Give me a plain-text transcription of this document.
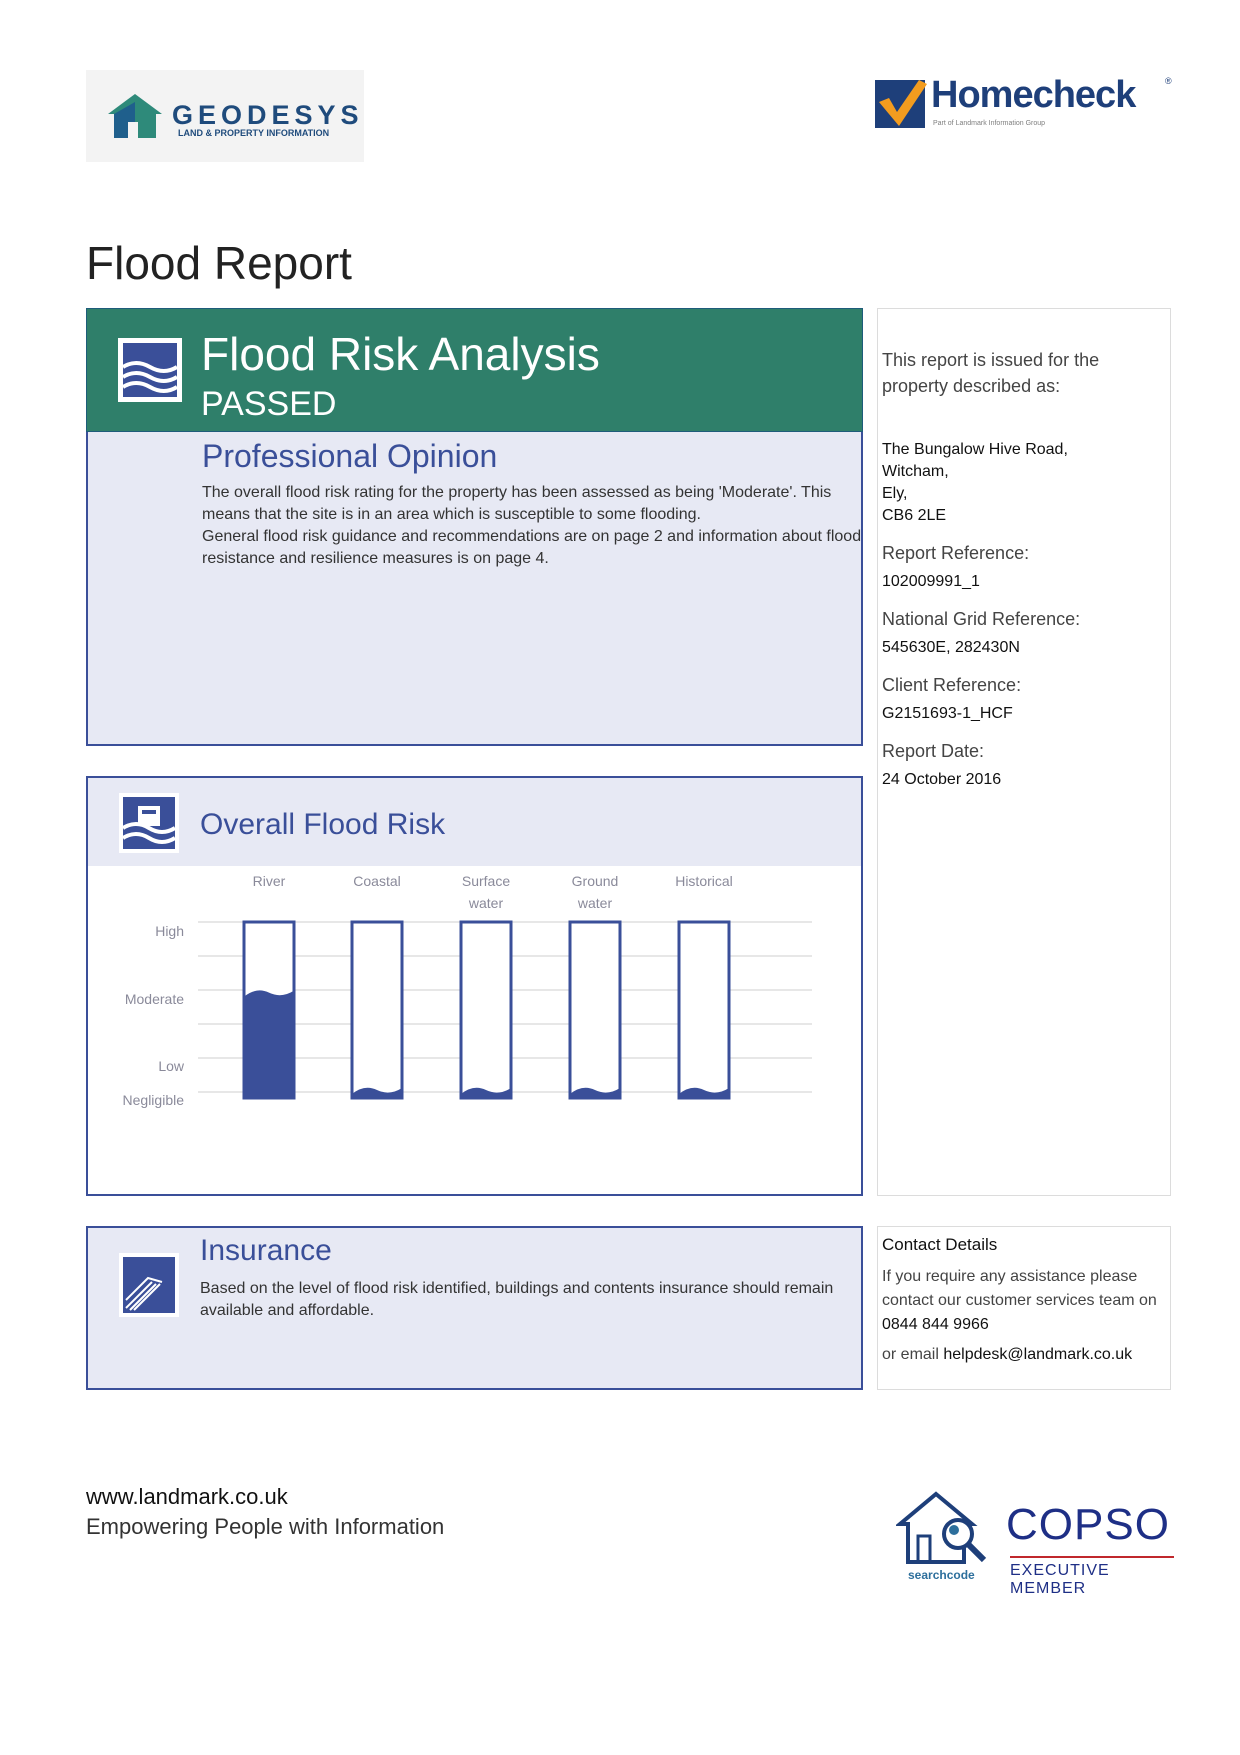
GEODESYS
LAND & PROPERTY INFORMATION
Homecheck	®
Part of Landmark Information Group
Flood Report
Flood Risk Analysis
PASSED
Professional Opinion
The overall flood risk rating for the property has been assessed as being 'Moderate'. This means that the site is in an area which is susceptible to some flooding.
General flood risk guidance and recommendations are on page 2 and information about flood resistance and resilience measures is on page 4.
Overall Flood Risk
High
Moderate
Low
Negligible
River	Coastal	Surface
water
Ground
water
Historical
Insurance
Based on the level of flood risk identified, buildings and contents insurance should remain available and affordable.
This report is issued for the property described as:
The Bungalow Hive Road,
Witcham,
Ely,
CB6 2LE
Report Reference:
102009991_1
National Grid Reference:
545630E, 282430N
Client Reference:
G2151693-1_HCF
Report Date:
24 October 2016
Contact Details
If you require any assistance please contact our customer services team on 0844 844 9966
or email helpdesk@landmark.co.uk
www.landmark.co.uk
Empowering People with Information
searchcode
COPSO
EXECUTIVE MEMBER
